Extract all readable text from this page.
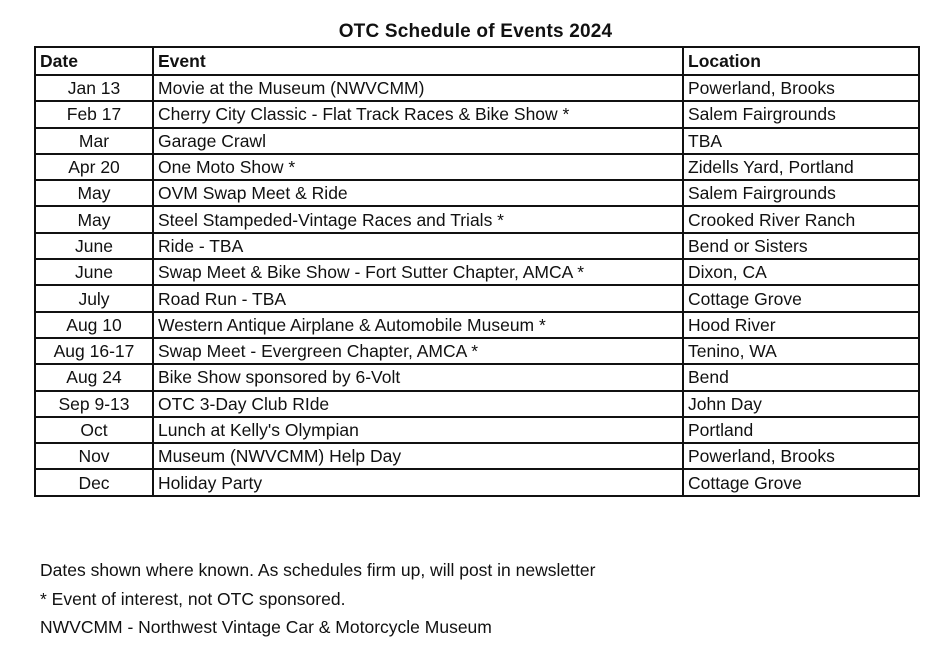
OTC Schedule of Events 2024
Date	Event	Location
Jan 13	Movie at the Museum (NWVCMM)	Powerland, Brooks
Feb 17	Cherry City Classic - Flat Track Races & Bike Show *	Salem Fairgrounds
Mar	Garage Crawl	TBA
Apr 20	One Moto Show *	Zidells Yard, Portland
May	OVM Swap Meet & Ride	Salem Fairgrounds
May	Steel Stampeded-Vintage Races and Trials *	Crooked River Ranch
June	Ride - TBA	Bend or Sisters
June	Swap Meet & Bike Show - Fort Sutter Chapter, AMCA *	Dixon, CA
July	Road Run - TBA	Cottage Grove
Aug 10	Western Antique Airplane & Automobile Museum *	Hood River
Aug 16-17	Swap Meet - Evergreen Chapter, AMCA *	Tenino, WA
Aug 24	Bike Show sponsored by 6-Volt	Bend
Sep 9-13	OTC 3-Day Club RIde	John Day
Oct	Lunch at Kelly's Olympian	Portland
Nov	Museum (NWVCMM) Help Day	Powerland, Brooks
Dec	Holiday Party	Cottage Grove
Dates shown where known. As schedules firm up, will post in newsletter
* Event of interest, not OTC sponsored.
NWVCMM - Northwest Vintage Car & Motorcycle Museum
